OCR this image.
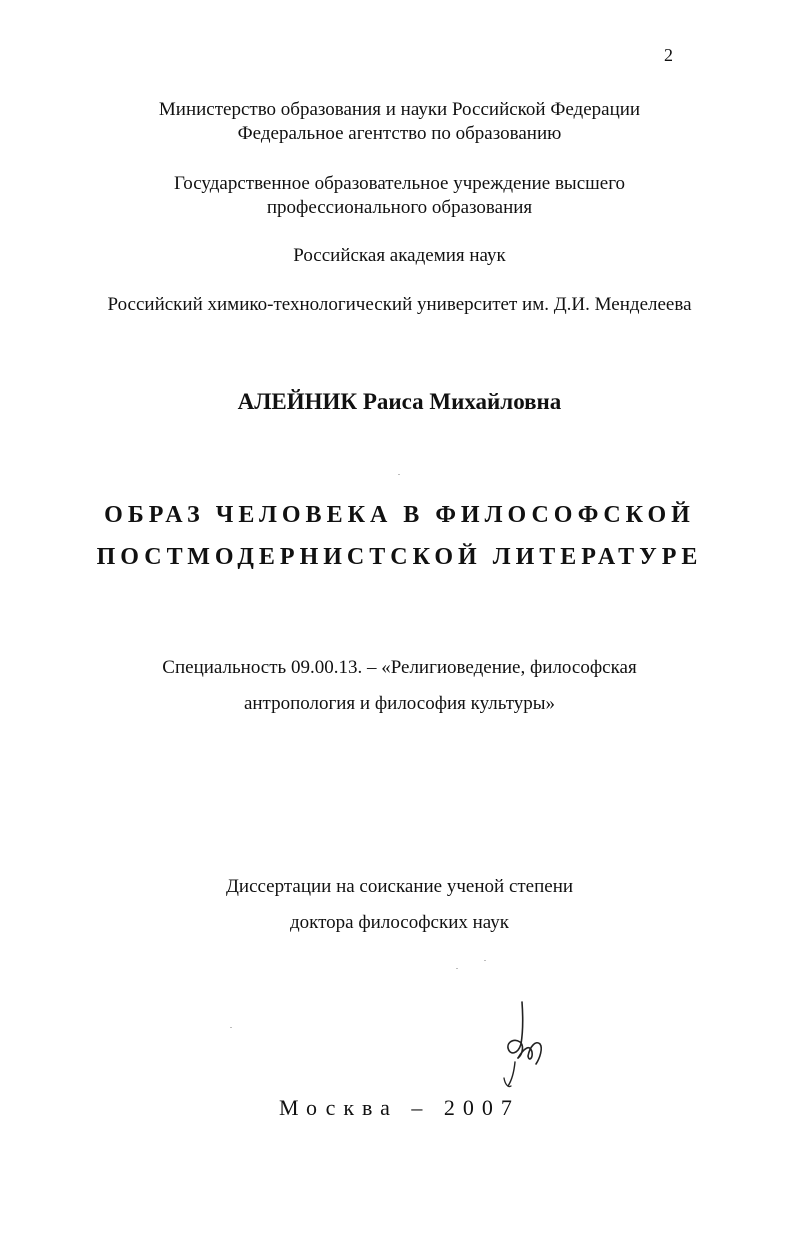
2
Министерство образования и науки Российской Федерации
Федеральное агентство по образованию
Государственное образовательное учреждение высшего
профессионального образования
Российская академия наук
Российский химико-технологический университет им. Д.И. Менделеева
АЛЕЙНИК Раиса Михайловна
ОБРАЗ ЧЕЛОВЕКА В ФИЛОСОФСКОЙ
ПОСТМОДЕРНИСТСКОЙ ЛИТЕРАТУРЕ
Специальность 09.00.13. – «Религиоведение, философская
антропология и философия культуры»
Диссертации на соискание ученой степени
доктора философских наук
Москва – 2007
